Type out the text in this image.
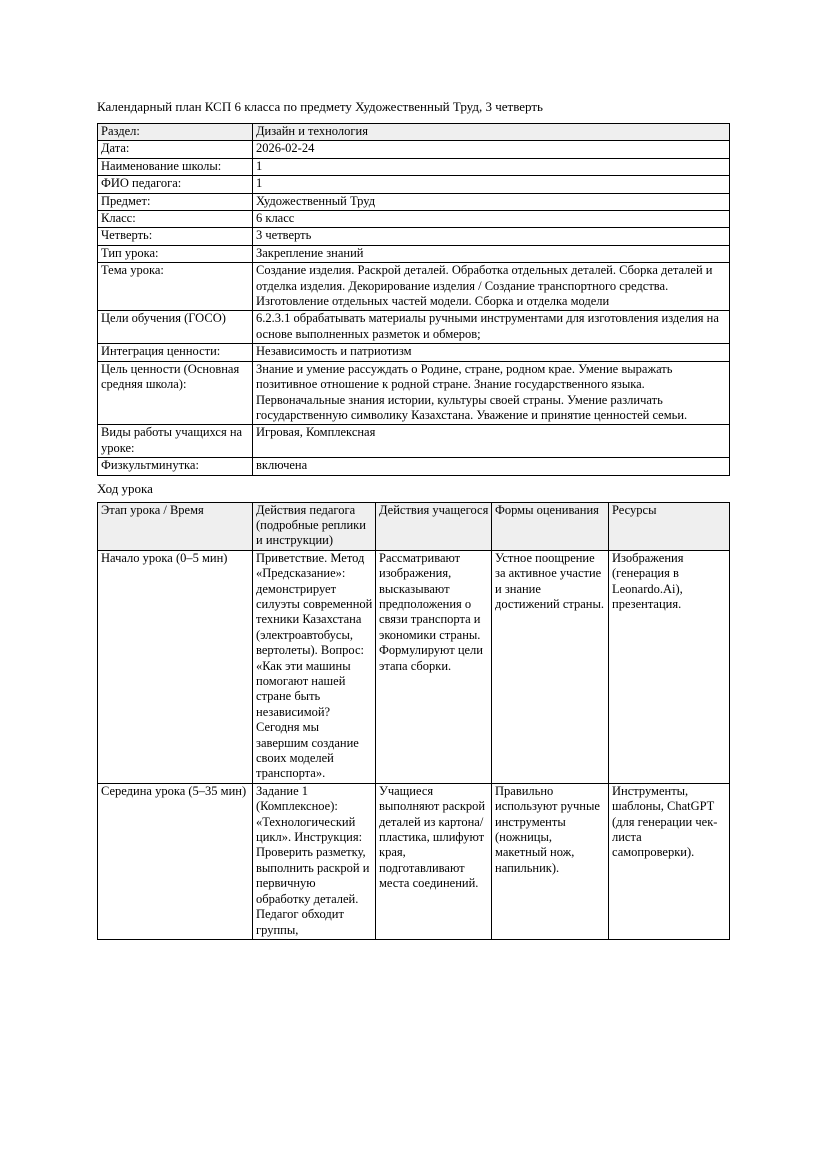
Календарный план КСП 6 класса по предмету Художественный Труд, 3 четверть

Раздел:	Дизайн и технология
Дата:	2026-02-24
Наименование школы:	1
ФИО педагога:	1
Предмет:	Художественный Труд
Класс:	6 класс
Четверть:	3 четверть
Тип урока:	Закрепление знаний
Тема урока:	Создание изделия. Раскрой деталей. Обработка отдельных деталей. Сборка деталей и отделка изделия. Декорирование изделия / Создание транспортного средства. Изготовление отдельных частей модели. Сборка и отделка модели
Цели обучения (ГОСО)	6.2.3.1 обрабатывать материалы ручными инструментами для изготовления изделия на основе выполненных разметок и обмеров;
Интеграция ценности:	Независимость и патриотизм
Цель ценности (Основная средняя школа):	Знание и умение рассуждать о Родине, стране, родном крае. Умение выражать позитивное отношение к родной стране. Знание государственного языка. Первоначальные знания истории, культуры своей страны. Умение различать государственную символику Казахстана. Уважение и принятие ценностей семьи.
Виды работы учащихся на уроке:	Игровая, Комплексная
Физкультминутка:	включена

Ход урока

Этап урока / Время	Действия педагога (подробные реплики и инструкции)	Действия учащегося	Формы оценивания	Ресурсы
Начало урока (0–5 мин)	Приветствие. Метод «Предсказание»: демонстрирует силуэты современной техники Казахстана (электроавтобусы, вертолеты). Вопрос: «Как эти машины помогают нашей стране быть независимой? Сегодня мы завершим создание своих моделей транспорта».	Рассматривают изображения, высказывают предположения о связи транспорта и экономики страны. Формулируют цели этапа сборки.	Устное поощрение за активное участие и знание достижений страны.	Изображения (генерация в Leonardo.Ai), презентация.
Середина урока (5–35 мин)	Задание 1 (Комплексное): «Технологический цикл». Инструкция: Проверить разметку, выполнить раскрой и первичную обработку деталей. Педагог обходит группы,	Учащиеся выполняют раскрой деталей из картона/пластика, шлифуют края, подготавливают места соединений.	Правильно используют ручные инструменты (ножницы, макетный нож, напильник).	Инструменты, шаблоны, ChatGPT (для генерации чек-листа самопроверки).
